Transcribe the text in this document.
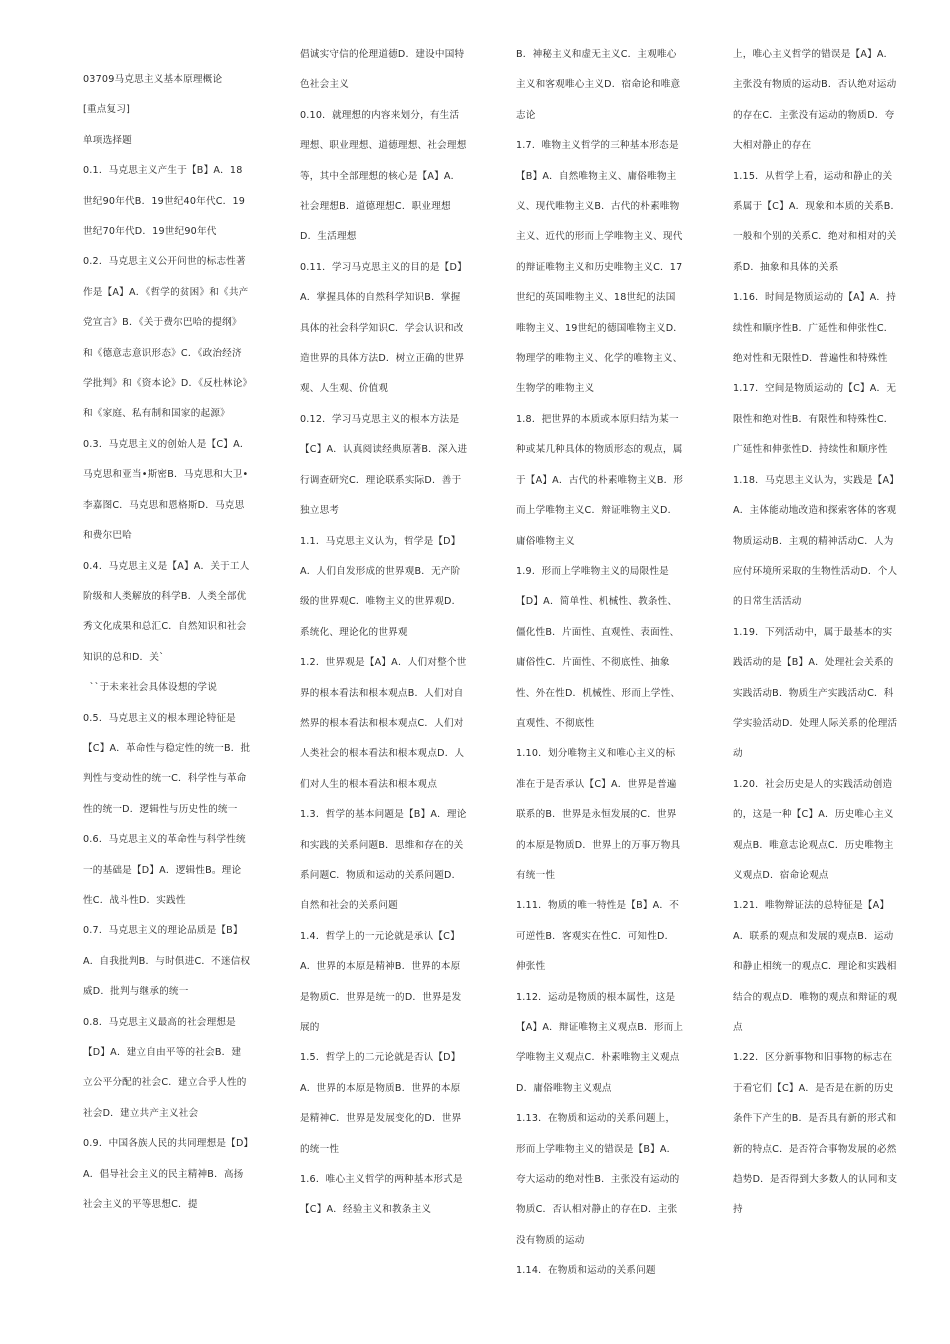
03709马克思主义基本原理概论

[重点复习]

单项选择题

0.1．马克思主义产生于【B】A．18世纪90年代B．19世纪40年代C．19世纪70年代D．19世纪90年代

0.2．马克思主义公开问世的标志性著作是【A】A．《哲学的贫困》和《共产党宣言》B．《关于费尔巴哈的提纲》和《德意志意识形态》C．《政治经济学批判》和《资本论》D．《反杜林论》和《家庭、私有制和国家的起源》

0.3．马克思主义的创始人是【C】A．马克思和亚当•斯密B．马克思和大卫•李嘉图C．马克思和恩格斯D．马克思和费尔巴哈

0.4．马克思主义是【A】A．关于工人阶级和人类解放的科学B．人类全部优秀文化成果和总汇C．自然知识和社会知识的总和D．关`

``于未来社会具体设想的学说

0.5．马克思主义的根本理论特征是【C】A．革命性与稳定性的统一B．批判性与变动性的统一C．科学性与革命性的统一D．逻辑性与历史性的统一

0.6．马克思主义的革命性与科学性统一的基础是【D】A．逻辑性B。理论性C．战斗性D．实践性

0.7．马克思主义的理论品质是【B】A．自我批判B．与时俱进C．不迷信权威D．批判与继承的统一

0.8．马克思主义最高的社会理想是【D】A．建立自由平等的社会B．建立公平分配的社会C．建立合乎人性的社会D．建立共产主义社会

0.9．中国各族人民的共同理想是【D】A．倡导社会主义的民主精神B．高扬社会主义的平等思想C．提

倡诚实守信的伦理道德D．建设中国特色社会主义

0.10．就理想的内容来划分，有生活理想、职业理想、道德理想、社会理想等，其中全部理想的核心是【A】A．社会理想B．道德理想C．职业理想D．生活理想

0.11．学习马克思主义的目的是【D】A．掌握具体的自然科学知识B．掌握具体的社会科学知识C．学会认识和改造世界的具体方法D．树立正确的世界观、人生观、价值观

0.12．学习马克思主义的根本方法是【C】A．认真阅读经典原著B．深入进行调查研究C．理论联系实际D．善于独立思考

1.1．马克思主义认为，哲学是【D】A．人们自发形成的世界观B．无产阶级的世界观C．唯物主义的世界观D．系统化、理论化的世界观

1.2．世界观是【A】A．人们对整个世界的根本看法和根本观点B．人们对自然界的根本看法和根本观点C．人们对人类社会的根本看法和根本观点D．人们对人生的根本看法和根本观点

1.3．哲学的基本问题是【B】A．理论和实践的关系问题B．思维和存在的关系问题C．物质和运动的关系问题D．自然和社会的关系问题

1.4．哲学上的一元论就是承认【C】A．世界的本原是精神B．世界的本原是物质C．世界是统一的D．世界是发展的

1.5．哲学上的二元论就是否认【D】A．世界的本原是物质B．世界的本原是精神C．世界是发展变化的D．世界的统一性

1.6．唯心主义哲学的两种基本形式是【C】A．经验主义和教条主义

B．神秘主义和虚无主义C．主观唯心主义和客观唯心主义D．宿命论和唯意志论

1.7．唯物主义哲学的三种基本形态是【B】A．自然唯物主义、庸俗唯物主义、现代唯物主义B．古代的朴素唯物主义、近代的形而上学唯物主义、现代的辩证唯物主义和历史唯物主义C．17世纪的英国唯物主义、18世纪的法国唯物主义、19世纪的德国唯物主义D．物理学的唯物主义、化学的唯物主义、生物学的唯物主义

1.8．把世界的本质或本原归结为某一种或某几种具体的物质形态的观点，属于【A】A．古代的朴素唯物主义B．形而上学唯物主义C．辩证唯物主义D．庸俗唯物主义

1.9．形而上学唯物主义的局限性是【D】A．简单性、机械性、教条性、僵化性B．片面性、直观性、表面性、庸俗性C．片面性、不彻底性、抽象性、外在性D．机械性、形而上学性、直观性、不彻底性

1.10．划分唯物主义和唯心主义的标准在于是否承认【C】A．世界是普遍联系的B．世界是永恒发展的C．世界的本原是物质D．世界上的万事万物具有统一性

1.11．物质的唯一特性是【B】A．不可逆性B．客观实在性C．可知性D．伸张性

1.12．运动是物质的根本属性，这是【A】A．辩证唯物主义观点B．形而上学唯物主义观点C．朴素唯物主义观点D．庸俗唯物主义观点

1.13．在物质和运动的关系问题上，形而上学唯物主义的错误是【B】A．夸大运动的绝对性B．主张没有运动的物质C．否认相对静止的存在D．主张没有物质的运动

1.14．在物质和运动的关系问题

上，唯心主义哲学的错误是【A】A．主张没有物质的运动B．否认绝对运动的存在C．主张没有运动的物质D．夸大相对静止的存在

1.15．从哲学上看，运动和静止的关系属于【C】A．现象和本质的关系B．一般和个别的关系C．绝对和相对的关系D．抽象和具体的关系

1.16．时间是物质运动的【A】A．持续性和顺序性B．广延性和伸张性C．绝对性和无限性D．普遍性和特殊性

1.17．空间是物质运动的【C】A．无限性和绝对性B．有限性和特殊性C．广延性和伸张性D．持续性和顺序性

1.18．马克思主义认为，实践是【A】A．主体能动地改造和探索客体的客观物质运动B．主观的精神活动C．人为应付环境所采取的生物性活动D．个人的日常生活活动

1.19．下列活动中，属于最基本的实践活动的是【B】A．处理社会关系的实践活动B．物质生产实践活动C．科学实验活动D．处理人际关系的伦理活动

1.20．社会历史是人的实践活动创造的，这是一种【C】A．历史唯心主义观点B．唯意志论观点C．历史唯物主义观点D．宿命论观点

1.21．唯物辩证法的总特征是【A】A．联系的观点和发展的观点B．运动和静止相统一的观点C．理论和实践相结合的观点D．唯物的观点和辩证的观点

1.22．区分新事物和旧事物的标志在于看它们【C】A．是否是在新的历史条件下产生的B．是否具有新的形式和新的特点C．是否符合事物发展的必然趋势D．是否得到大多数人的认同和支持
